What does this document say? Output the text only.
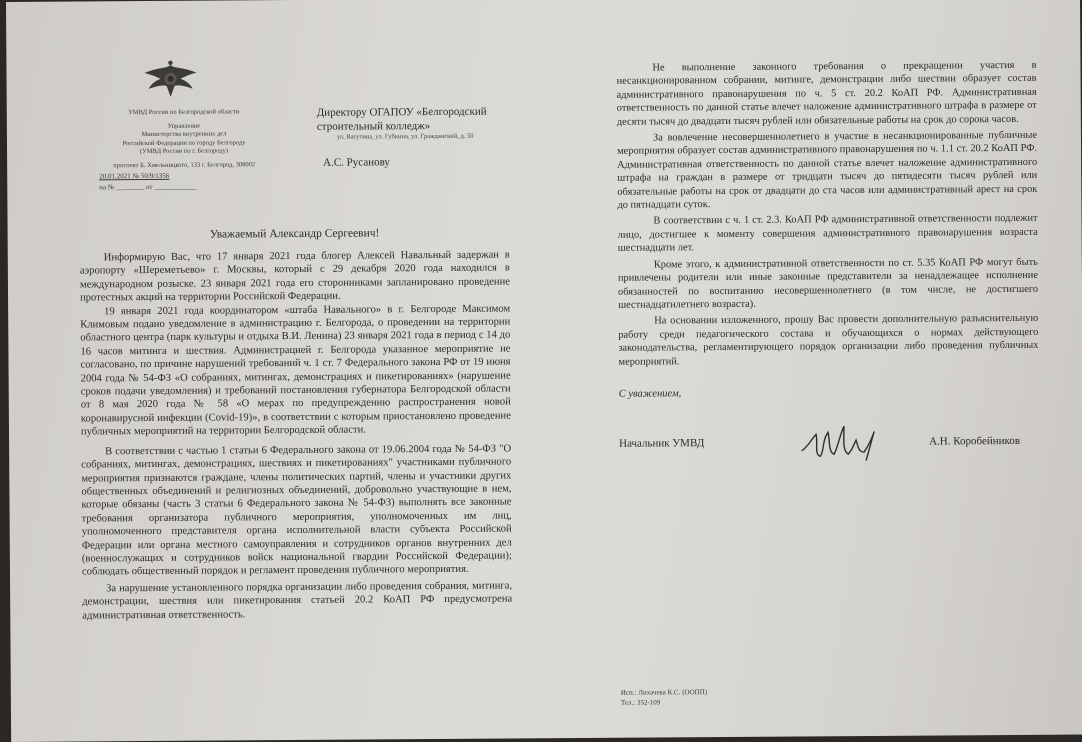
УМВД России по Белгородской области
Управление
Министерства внутренних дел
Российской Федерации по городу Белгороду
(УМВД России по г. Белгороду)
проспект Б. Хмельницкого, 133 г. Белгород, 308002
20.01.2021 № 50/9/1356
на № ________ от ____________
Директору ОГАПОУ «Белгородский
строительный колледж»
ул. Ватутина, ул. Губкина, ул. Гражданский, д. 50
А.С. Русанову
Уважаемый Александр Сергеевич!

Информирую Вас, что 17 января 2021 года блогер Алексей Навальный задержан в аэропорту «Шереметьево» г. Москвы, который с 29 декабря 2020 года находился в международном розыске. 23 января 2021 года его сторонниками запланировано проведение протестных акций на территории Российской Федерации.

19 января 2021 года координатором «штаба Навального» в г. Белгороде Максимом Климовым подано уведомление в администрацию г. Белгорода, о проведении на территории областного центра (парк культуры и отдыха В.И. Ленина) 23 января 2021 года в период с 14 до 16 часов митинга и шествия. Администрацией г. Белгорода указанное мероприятие не согласовано, по причине нарушений требований ч. 1 ст. 7 Федерального закона РФ от 19 июня 2004 года № 54-ФЗ «О собраниях, митингах, демонстрациях и пикетированиях» (нарушение сроков подачи уведомления) и требований постановления губернатора Белгородской области от 8 мая 2020 года № 58 «О мерах по предупреждению распространения новой коронавирусной инфекции (Covid-19)», в соответствии с которым приостановлено проведение публичных мероприятий на территории Белгородской области.

В соответствии с частью 1 статьи 6 Федерального закона от 19.06.2004 года № 54-ФЗ "О собраниях, митингах, демонстрациях, шествиях и пикетированиях" участниками публичного мероприятия признаются граждане, члены политических партий, члены и участники других общественных объединений и религиозных объединений, добровольно участвующие в нем, которые обязаны (часть 3 статьи 6 Федерального закона № 54-ФЗ) выполнять все законные требования организатора публичного мероприятия, уполномоченных им лиц, уполномоченного представителя органа исполнительной власти субъекта Российской Федерации или органа местного самоуправления и сотрудников органов внутренних дел (военнослужащих и сотрудников войск национальной гвардии Российской Федерации); соблюдать общественный порядок и регламент проведения публичного мероприятия.

За нарушение установленного порядка организации либо проведения собрания, митинга, демонстрации, шествия или пикетирования статьей 20.2 КоАП РФ предусмотрена административная ответственность.

Не выполнение законного требования о прекращении участия в несанкционированном собрании, митинге, демонстрации либо шествии образует состав административного правонарушения по ч. 5 ст. 20.2 КоАП РФ. Административная ответственность по данной статье влечет наложение административного штрафа в размере от десяти тысяч до двадцати тысяч рублей или обязательные работы на срок до сорока часов.

За вовлечение несовершеннолетнего в участие в несанкционированные публичные мероприятия образует состав административного правонарушения по ч. 1.1 ст. 20.2 КоАП РФ. Административная ответственность по данной статье влечет наложение административного штрафа на граждан в размере от тридцати тысяч до пятидесяти тысяч рублей или обязательные работы на срок от двадцати до ста часов или административный арест на срок до пятнадцати суток.

В соответствии с ч. 1 ст. 2.3. КоАП РФ административной ответственности подлежит лицо, достигшее к моменту совершения административного правонарушения возраста шестнадцати лет.

Кроме этого, к административной ответственности по ст. 5.35 КоАП РФ могут быть привлечены родители или иные законные представители за ненадлежащее исполнение обязанностей по воспитанию несовершеннолетнего (в том числе, не достигшего шестнадцатилетнего возраста).

На основании изложенного, прошу Вас провести дополнительную разъяснительную работу среди педагогического состава и обучающихся о нормах действующего законодательства, регламентирующего порядок организации либо проведения публичных мероприятий.

С уважением,
Начальник УМВД	А.Н. Коробейников
Исп.: Лихачева К.С. (ООПП)
Тел.: 352-109
